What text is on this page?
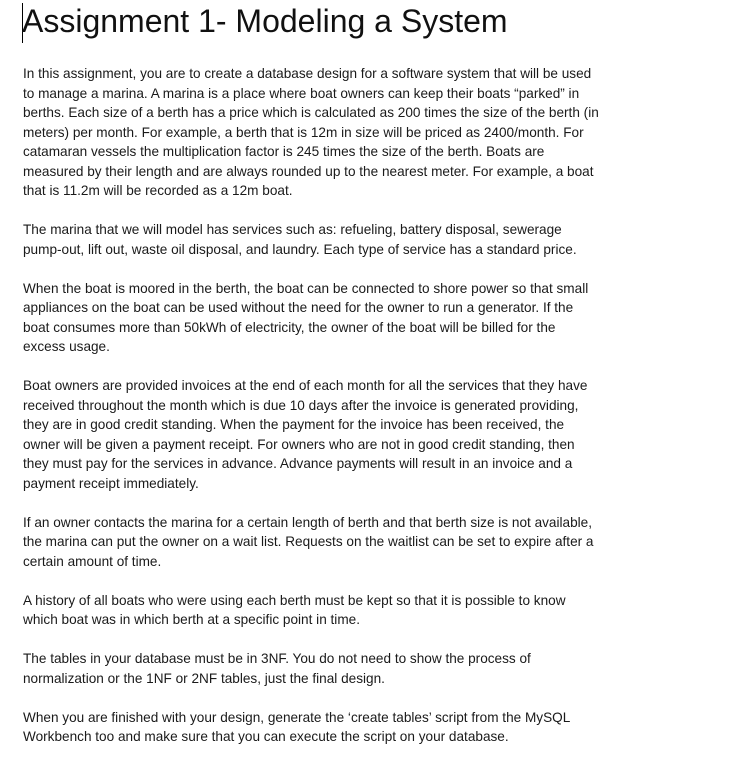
Assignment 1- Modeling a System

In this assignment, you are to create a database design for a software system that will be used
to manage a marina. A marina is a place where boat owners can keep their boats “parked” in
berths. Each size of a berth has a price which is calculated as 200 times the size of the berth (in
meters) per month. For example, a berth that is 12m in size will be priced as 2400/month. For
catamaran vessels the multiplication factor is 245 times the size of the berth. Boats are
measured by their length and are always rounded up to the nearest meter. For example, a boat
that is 11.2m will be recorded as a 12m boat.

The marina that we will model has services such as: refueling, battery disposal, sewerage
pump-out, lift out, waste oil disposal, and laundry. Each type of service has a standard price.

When the boat is moored in the berth, the boat can be connected to shore power so that small
appliances on the boat can be used without the need for the owner to run a generator. If the
boat consumes more than 50kWh of electricity, the owner of the boat will be billed for the
excess usage.

Boat owners are provided invoices at the end of each month for all the services that they have
received throughout the month which is due 10 days after the invoice is generated providing,
they are in good credit standing. When the payment for the invoice has been received, the
owner will be given a payment receipt. For owners who are not in good credit standing, then
they must pay for the services in advance. Advance payments will result in an invoice and a
payment receipt immediately.

If an owner contacts the marina for a certain length of berth and that berth size is not available,
the marina can put the owner on a wait list. Requests on the waitlist can be set to expire after a
certain amount of time.

A history of all boats who were using each berth must be kept so that it is possible to know
which boat was in which berth at a specific point in time.

The tables in your database must be in 3NF. You do not need to show the process of
normalization or the 1NF or 2NF tables, just the final design.

When you are finished with your design, generate the ‘create tables’ script from the MySQL
Workbench too and make sure that you can execute the script on your database.
